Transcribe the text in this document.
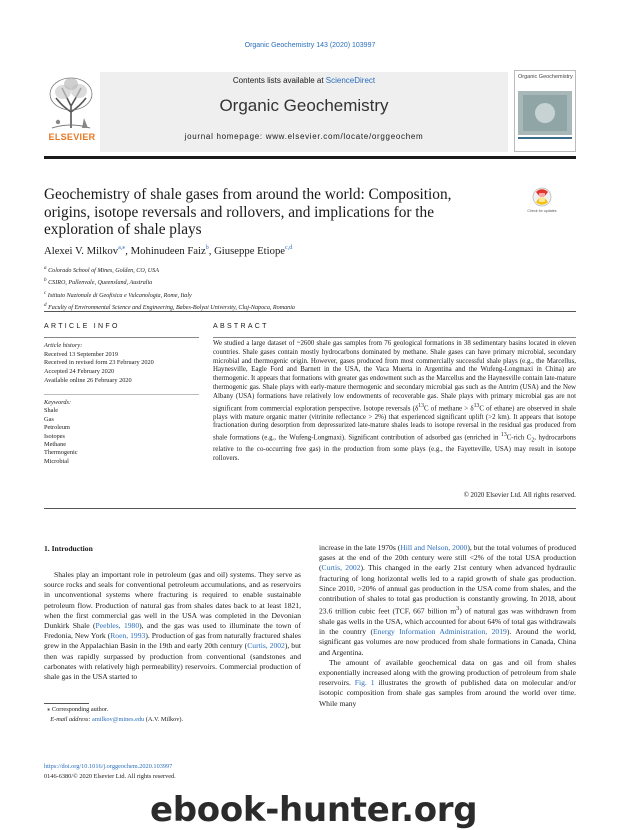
Organic Geochemistry 143 (2020) 103997
ELSEVIER
Contents lists available at ScienceDirect
Organic Geochemistry
journal homepage: www.elsevier.com/locate/orggeochem
Organic Geochemistry
Geochemistry of shale gases from around the world: Composition, origins, isotope reversals and rollovers, and implications for the exploration of shale plays
Check for updates
Alexei V. Milkov$^{a,⁎}$, Mohinudeen Faiz$^b$, Giuseppe Etiope$^{c,d}$
$^a$ Colorado School of Mines, Golden, CO, USA
$^b$ CSIRO, Pullenvale, Queensland, Australia
$^c$ Istituto Nazionale di Geofisica e Vulcanologia, Rome, Italy
$^d$ Faculty of Environmental Science and Engineering, Babes-Bolyai University, Cluj-Napoca, Romania
ARTICLE INFO
Article history:
Received 13 September 2019
Received in revised form 23 February 2020
Accepted 24 February 2020
Available online 26 February 2020
Keywords:
Shale
Gas
Petroleum
Isotopes
Methane
Thermogenic
Microbial
ABSTRACT
We studied a large dataset of ~2600 shale gas samples from 76 geological formations in 38 sedimentary basins located in eleven countries. Shale gases contain mostly hydrocarbons dominated by methane. Shale gases can have primary microbial, secondary microbial and thermogenic origin. However, gases produced from most commercially successful shale plays (e.g., the Marcellus, Haynesville, Eagle Ford and Barnett in the USA, the Vaca Muerta in Argentina and the Wufeng-Longmaxi in China) are thermogenic. It appears that formations with greater gas endowment such as the Marcellus and the Haynesville contain late-mature thermogenic gas. Shale plays with early-mature thermogenic and secondary microbial gas such as the Antrim (USA) and the New Albany (USA) formations have relatively low endowments of recoverable gas. Shale plays with primary microbial gas are not significant from commercial exploration perspective. Isotope reversals ($\delta^{13}C$ of methane > $\delta^{13}C$ of ethane) are observed in shale plays with mature organic matter (vitrinite reflectance > 2%) that experienced significant uplift (>2 km). It appears that isotope fractionation during desorption from depressurized late-mature shales leads to isotope reversal in the residual gas produced from shale formations (e.g., the Wufeng-Longmaxi). Significant contribution of adsorbed gas (enriched in $^{13}$C-rich $C_2$, hydrocarbons relative to the co-occurring free gas) in the production from some plays (e.g., the Fayetteville, USA) may result in isotope rollovers.
© 2020 Elsevier Ltd. All rights reserved.
1. Introduction

Shales play an important role in petroleum (gas and oil) systems. They serve as source rocks and seals for conventional petroleum accumulations, and as reservoirs in unconventional systems where fracturing is required to enable sustainable petroleum flow. Production of natural gas from shales dates back to at least 1821, when the first commercial gas well in the USA was completed in the Devonian Dunkirk Shale (Peebles, 1980), and the gas was used to illuminate the town of Fredonia, New York (Roen, 1993). Production of gas from naturally fractured shales grew in the Appalachian Basin in the 19th and early 20th century (Curtis, 2002), but then was rapidly surpassed by production from conventional (sandstones and carbonates with relatively high permeability) reservoirs. Commercial production of shale gas in the USA started to

increase in the late 1970s (Hill and Nelson, 2000), but the total volumes of produced gases at the end of the 20th century were still <2% of the total USA production (Curtis, 2002). This changed in the early 21st century when advanced hydraulic fracturing of long horizontal wells led to a rapid growth of shale gas production. Since 2010, >20% of annual gas production in the USA come from shales, and the contribution of shales to total gas production is constantly growing. In 2018, about 23.6 trillion cubic feet (TCF, 667 billion $m^3$) of natural gas was withdrawn from shale gas wells in the USA, which accounted for about 64% of total gas withdrawals in the country (Energy Information Administration, 2019). Around the world, significant gas volumes are now produced from shale formations in Canada, China and Argentina.

The amount of available geochemical data on gas and oil from shales exponentially increased along with the growing production of petroleum from shale reservoirs. Fig. 1 illustrates the growth of published data on molecular and/or isotopic composition from shale gas samples from around the world over time. While many

⁎ Corresponding author.
E-mail address: amilkov@mines.edu (A.V. Milkov).
https://doi.org/10.1016/j.orggeochem.2020.103997
0146-6380/© 2020 Elsevier Ltd. All rights reserved.
ebook-hunter.org
